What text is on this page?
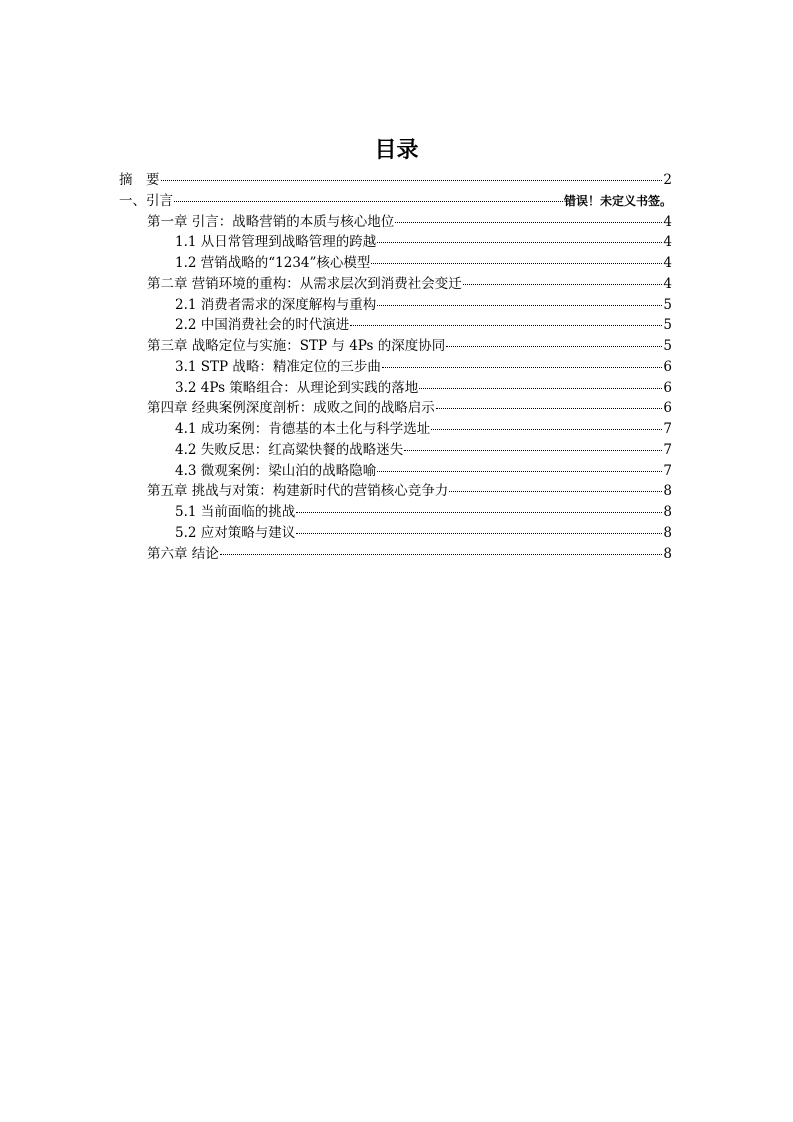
目录
摘　要	2
一、引言	错误！未定义书签。
第一章 引言：战略营销的本质与核心地位	4
1.1 从日常管理到战略管理的跨越	4
1.2 营销战略的“1234”核心模型	4
第二章 营销环境的重构：从需求层次到消费社会变迁	4
2.1 消费者需求的深度解构与重构	5
2.2 中国消费社会的时代演进	5
第三章 战略定位与实施：STP 与 4Ps 的深度协同	5
3.1 STP 战略：精准定位的三步曲	6
3.2 4Ps 策略组合：从理论到实践的落地	6
第四章 经典案例深度剖析：成败之间的战略启示	6
4.1 成功案例：肯德基的本土化与科学选址	7
4.2 失败反思：红高粱快餐的战略迷失	7
4.3 微观案例：梁山泊的战略隐喻	7
第五章 挑战与对策：构建新时代的营销核心竞争力	8
5.1 当前面临的挑战	8
5.2 应对策略与建议	8
第六章 结论	8
